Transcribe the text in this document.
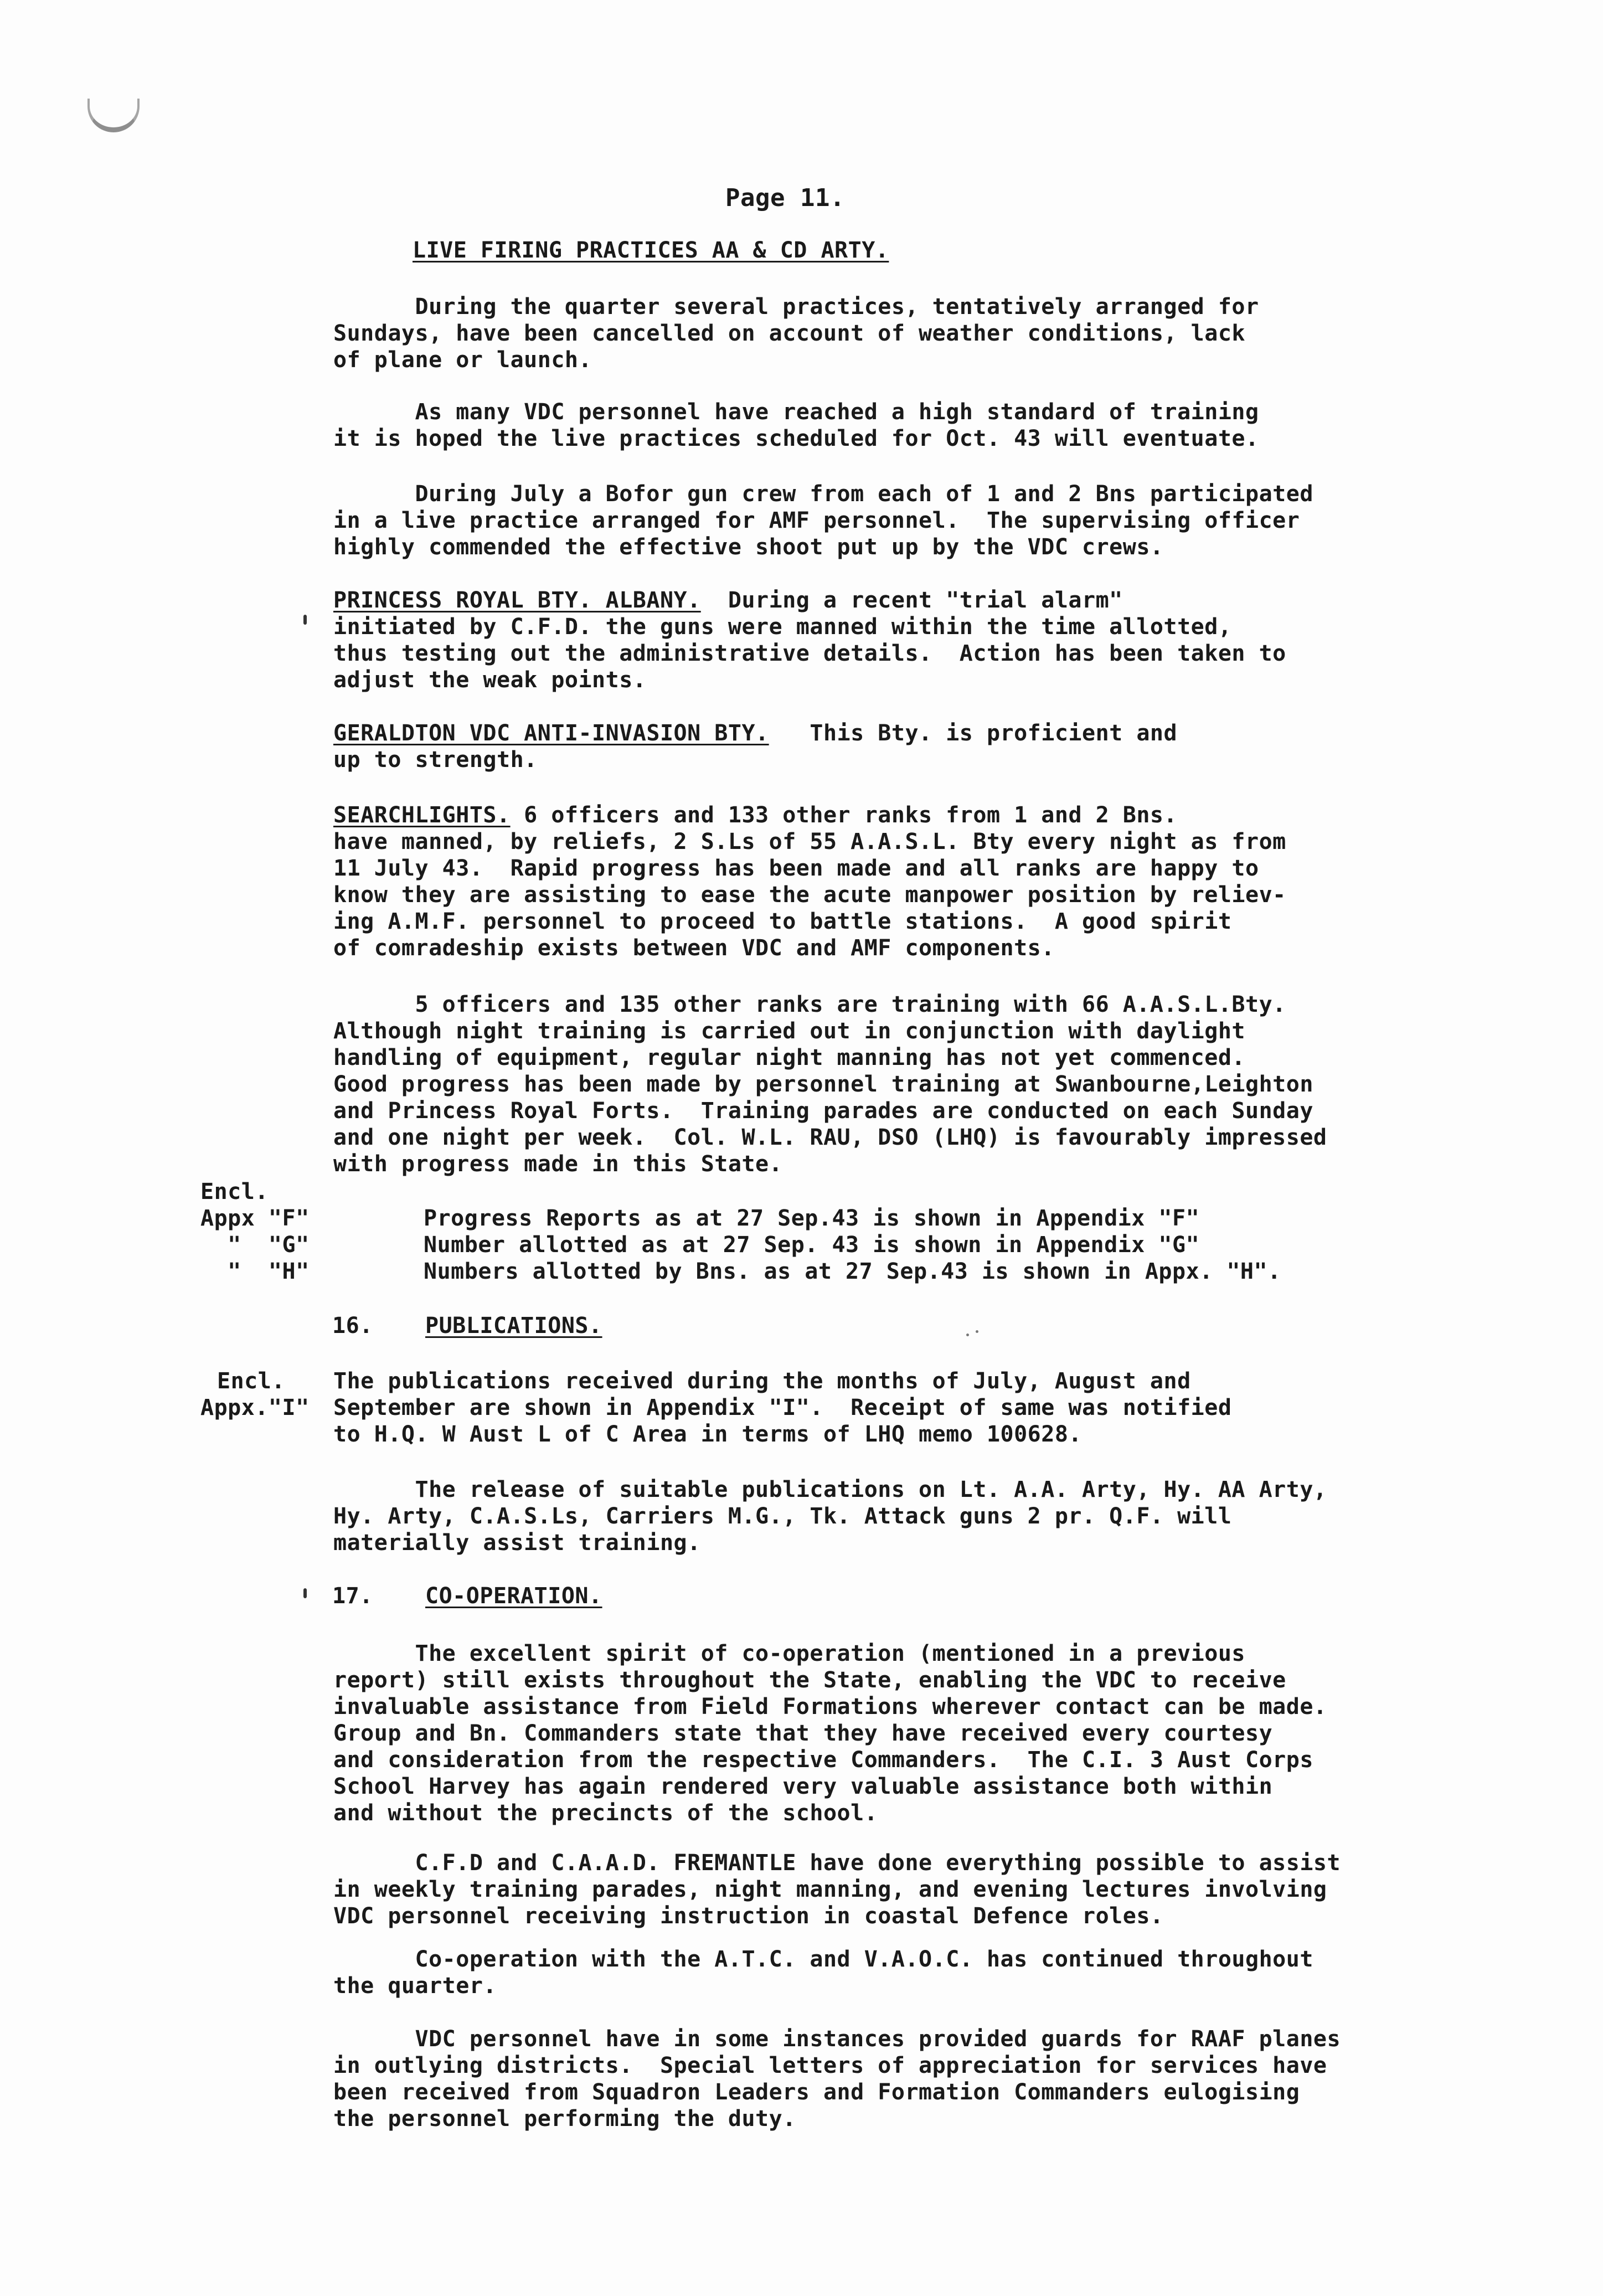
Page 11.
LIVE FIRING PRACTICES AA & CD ARTY.
During the quarter several practices, tentatively arranged for
Sundays, have been cancelled on account of weather conditions, lack
of plane or launch.
As many VDC personnel have reached a high standard of training
it is hoped the live practices scheduled for Oct. 43 will eventuate.
During July a Bofor gun crew from each of 1 and 2 Bns participated
in a live practice arranged for AMF personnel.  The supervising officer
highly commended the effective shoot put up by the VDC crews.
PRINCESS ROYAL BTY. ALBANY.  During a recent "trial alarm"
initiated by C.F.D. the guns were manned within the time allotted,
thus testing out the administrative details.  Action has been taken to
adjust the weak points.
GERALDTON VDC ANTI-INVASION BTY.   This Bty. is proficient and
up to strength.
SEARCHLIGHTS. 6 officers and 133 other ranks from 1 and 2 Bns.
have manned, by reliefs, 2 S.Ls of 55 A.A.S.L. Bty every night as from
11 July 43.  Rapid progress has been made and all ranks are happy to
know they are assisting to ease the acute manpower position by reliev-
ing A.M.F. personnel to proceed to battle stations.  A good spirit
of comradeship exists between VDC and AMF components.
5 officers and 135 other ranks are training with 66 A.A.S.L.Bty.
Although night training is carried out in conjunction with daylight
handling of equipment, regular night manning has not yet commenced.
Good progress has been made by personnel training at Swanbourne,Leighton
and Princess Royal Forts.  Training parades are conducted on each Sunday
and one night per week.  Col. W.L. RAU, DSO (LHQ) is favourably impressed
with progress made in this State.
Encl.
Appx "F"	Progress Reports as at 27 Sep.43 is shown in Appendix "F"
"  "G"	Number allotted as at 27 Sep. 43 is shown in Appendix "G"
"  "H"	Numbers allotted by Bns. as at 27 Sep.43 is shown in Appx. "H".
16. PUBLICATIONS.
Encl.
Appx."I"
The publications received during the months of July, August and
September are shown in Appendix "I".  Receipt of same was notified
to H.Q. W Aust L of C Area in terms of LHQ memo 100628.
The release of suitable publications on Lt. A.A. Arty, Hy. AA Arty,
Hy. Arty, C.A.S.Ls, Carriers M.G., Tk. Attack guns 2 pr. Q.F. will
materially assist training.
17. CO-OPERATION.
The excellent spirit of co-operation (mentioned in a previous
report) still exists throughout the State, enabling the VDC to receive
invaluable assistance from Field Formations wherever contact can be made.
Group and Bn. Commanders state that they have received every courtesy
and consideration from the respective Commanders.  The C.I. 3 Aust Corps
School Harvey has again rendered very valuable assistance both within
and without the precincts of the school.
C.F.D and C.A.A.D. FREMANTLE have done everything possible to assist
in weekly training parades, night manning, and evening lectures involving
VDC personnel receiving instruction in coastal Defence roles.
Co-operation with the A.T.C. and V.A.O.C. has continued throughout
the quarter.
VDC personnel have in some instances provided guards for RAAF planes
in outlying districts.  Special letters of appreciation for services have
been received from Squadron Leaders and Formation Commanders eulogising
the personnel performing the duty.
